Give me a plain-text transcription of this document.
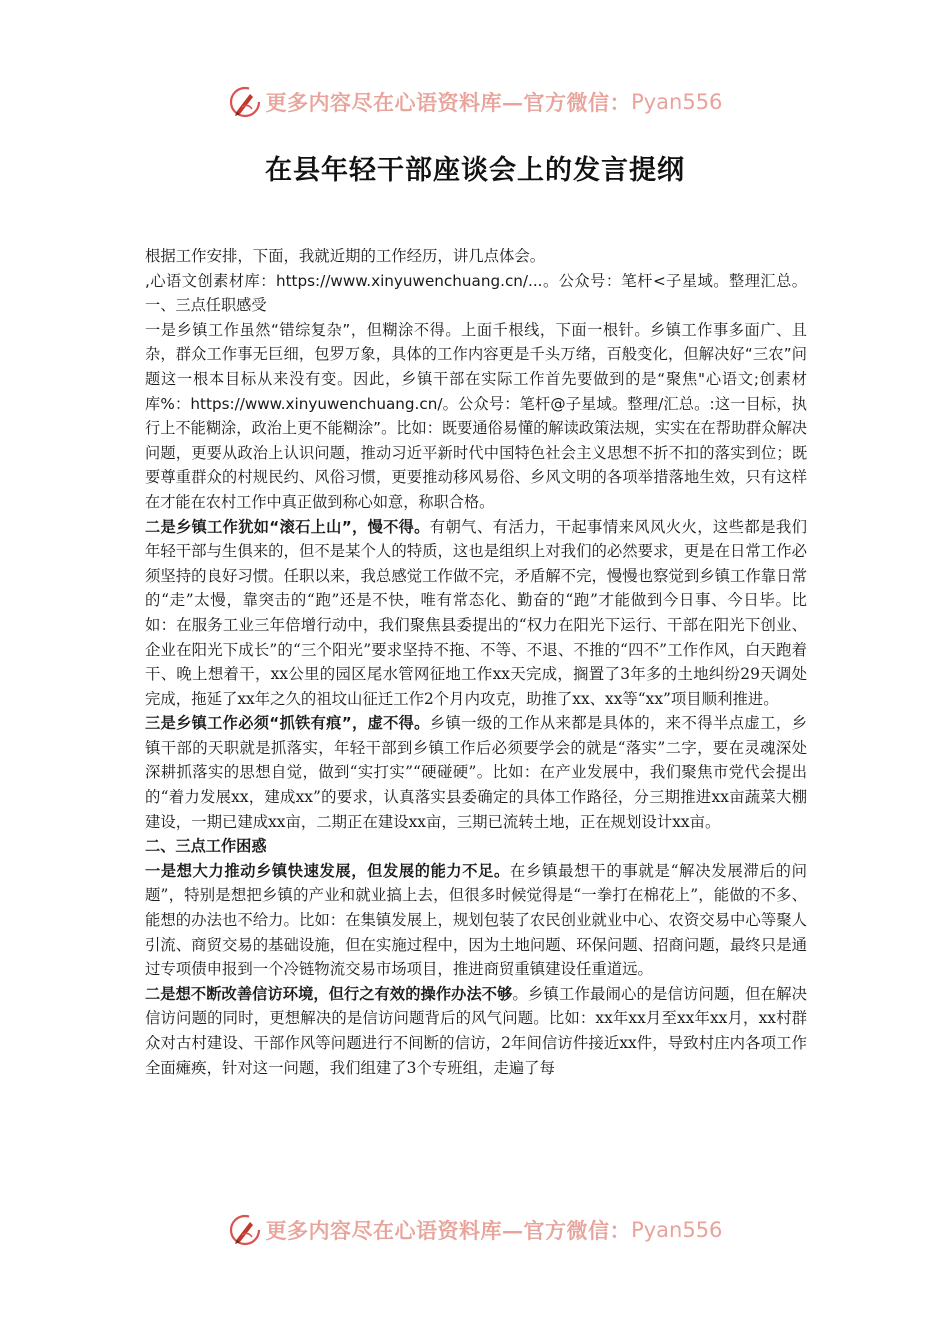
更多内容尽在心语资料库—官方微信： Pyan556
在县年轻干部座谈会上的发言提纲

根据工作安排，下面，我就近期的工作经历，讲几点体会。

,心语文创素材库：https://www.xinyuwenchuang.cn/...。公众号：笔杆<子星域。整理汇总。一、三点任职感受

一是乡镇工作虽然“错综复杂”，但糊涂不得。上面千根线，下面一根针。乡镇工作事多面广、且杂，群众工作事无巨细，包罗万象，具体的工作内容更是千头万绪，百般变化，但解决好“三农”问题这一根本目标从来没有变。因此，乡镇干部在实际工作首先要做到的是“聚焦"心语文;创素材库%：https://www.xinyuwenchuang.cn/。公众号：笔杆@子星域。整理/汇总。:这一目标，执行上不能糊涂，政治上更不能糊涂”。比如：既要通俗易懂的解读政策法规，实实在在帮助群众解决问题，更要从政治上认识问题，推动习近平新时代中国特色社会主义思想不折不扣的落实到位；既要尊重群众的村规民约、风俗习惯，更要推动移风易俗、乡风文明的各项举措落地生效，只有这样在才能在农村工作中真正做到称心如意，称职合格。

二是乡镇工作犹如“滚石上山”，慢不得。有朝气、有活力，干起事情来风风火火，这些都是我们年轻干部与生俱来的，但不是某个人的特质，这也是组织上对我们的必然要求，更是在日常工作必须坚持的良好习惯。任职以来，我总感觉工作做不完，矛盾解不完，慢慢也察觉到乡镇工作靠日常的“走”太慢，靠突击的“跑”还是不快，唯有常态化、勤奋的“跑”才能做到今日事、今日毕。比如：在服务工业三年倍增行动中，我们聚焦县委提出的“权力在阳光下运行、干部在阳光下创业、企业在阳光下成长”的“三个阳光”要求坚持不拖、不等、不退、不推的“四不”工作作风，白天跑着干、晚上想着干，xx公里的园区尾水管网征地工作xx天完成，搁置了3年多的土地纠纷29天调处完成，拖延了xx年之久的祖坟山征迁工作2个月内攻克，助推了xx、xx等“xx”项目顺利推进。

三是乡镇工作必须“抓铁有痕”，虚不得。乡镇一级的工作从来都是具体的，来不得半点虚工，乡镇干部的天职就是抓落实，年轻干部到乡镇工作后必须要学会的就是“落实”二字，要在灵魂深处深耕抓落实的思想自觉，做到“实打实”“硬碰硬”。比如：在产业发展中，我们聚焦市党代会提出的“着力发展xx，建成xx”的要求，认真落实县委确定的具体工作路径，分三期推进xx亩蔬菜大棚建设，一期已建成xx亩，二期正在建设xx亩，三期已流转土地，正在规划设计xx亩。

二、三点工作困惑

一是想大力推动乡镇快速发展，但发展的能力不足。在乡镇最想干的事就是“解决发展滞后的问题”，特别是想把乡镇的产业和就业搞上去，但很多时候觉得是“一拳打在棉花上”，能做的不多、能想的办法也不给力。比如：在集镇发展上，规划包装了农民创业就业中心、农资交易中心等聚人引流、商贸交易的基础设施，但在实施过程中，因为土地问题、环保问题、招商问题，最终只是通过专项债申报到一个冷链物流交易市场项目，推进商贸重镇建设任重道远。

二是想不断改善信访环境，但行之有效的操作办法不够。乡镇工作最闹心的是信访问题，但在解决信访问题的同时，更想解决的是信访问题背后的风气问题。比如：xx年xx月至xx年xx月，xx村群众对古村建设、干部作风等问题进行不间断的信访，2年间信访件接近xx件，导致村庄内各项工作全面瘫痪，针对这一问题，我们组建了3个专班组，走遍了每

更多内容尽在心语资料库—官方微信： Pyan556
